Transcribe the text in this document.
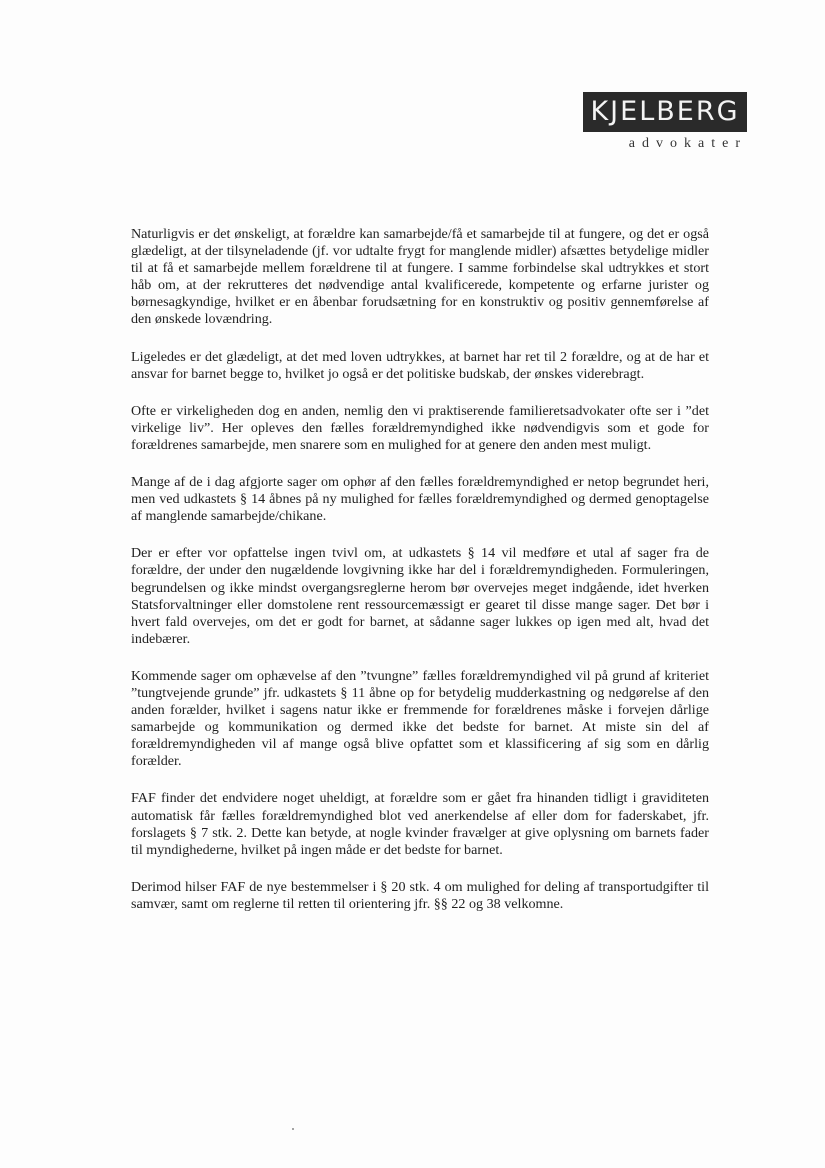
KJELBERG
advokater

Naturligvis er det ønskeligt, at forældre kan samarbejde/få et samarbejde til at fungere, og det er også glædeligt, at der tilsyneladende (jf. vor udtalte frygt for manglende midler) afsættes betydelige midler til at få et samarbejde mellem forældrene til at fungere. I samme forbindelse skal udtrykkes et stort håb om, at der rekrutteres det nødvendige antal kvalificerede, kompetente og erfarne jurister og børnesagkyndige, hvilket er en åbenbar forudsætning for en konstruktiv og positiv gennemførelse af den ønskede lovændring.

Ligeledes er det glædeligt, at det med loven udtrykkes, at barnet har ret til 2 forældre, og at de har et ansvar for barnet begge to, hvilket jo også er det politiske budskab, der ønskes viderebragt.

Ofte er virkeligheden dog en anden, nemlig den vi praktiserende familieretsadvokater ofte ser i ”det virkelige liv”. Her opleves den fælles forældremyndighed ikke nødvendigvis som et gode for forældrenes samarbejde, men snarere som en mulighed for at genere den anden mest muligt.

Mange af de i dag afgjorte sager om ophør af den fælles forældremyndighed er netop begrundet heri, men ved udkastets § 14 åbnes på ny mulighed for fælles forældremyndighed og dermed genoptagelse af manglende samarbejde/chikane.

Der er efter vor opfattelse ingen tvivl om, at udkastets § 14 vil medføre et utal af sager fra de forældre, der under den nugældende lovgivning ikke har del i forældremyndigheden. Formuleringen, begrundelsen og ikke mindst overgangsreglerne herom bør overvejes meget indgående, idet hverken Statsforvaltninger eller domstolene rent ressourcemæssigt er gearet til disse mange sager. Det bør i hvert fald overvejes, om det er godt for barnet, at sådanne sager lukkes op igen med alt, hvad det indebærer.

Kommende sager om ophævelse af den ”tvungne” fælles forældremyndighed vil på grund af kriteriet ”tungtvejende grunde” jfr. udkastets § 11 åbne op for betydelig mudderkastning og nedgørelse af den anden forælder, hvilket i sagens natur ikke er fremmende for forældrenes måske i forvejen dårlige samarbejde og kommunikation og dermed ikke det bedste for barnet. At miste sin del af forældremyndigheden vil af mange også blive opfattet som et klassificering af sig som en dårlig forælder.

FAF finder det endvidere noget uheldigt, at forældre som er gået fra hinanden tidligt i graviditeten automatisk får fælles forældremyndighed blot ved anerkendelse af eller dom for faderskabet, jfr. forslagets § 7 stk. 2. Dette kan betyde, at nogle kvinder fravælger at give oplysning om barnets fader til myndighederne, hvilket på ingen måde er det bedste for barnet.

Derimod hilser FAF de nye bestemmelser i § 20 stk. 4 om mulighed for deling af transportudgifter til samvær, samt om reglerne til retten til orientering jfr. §§ 22 og 38 velkomne.
